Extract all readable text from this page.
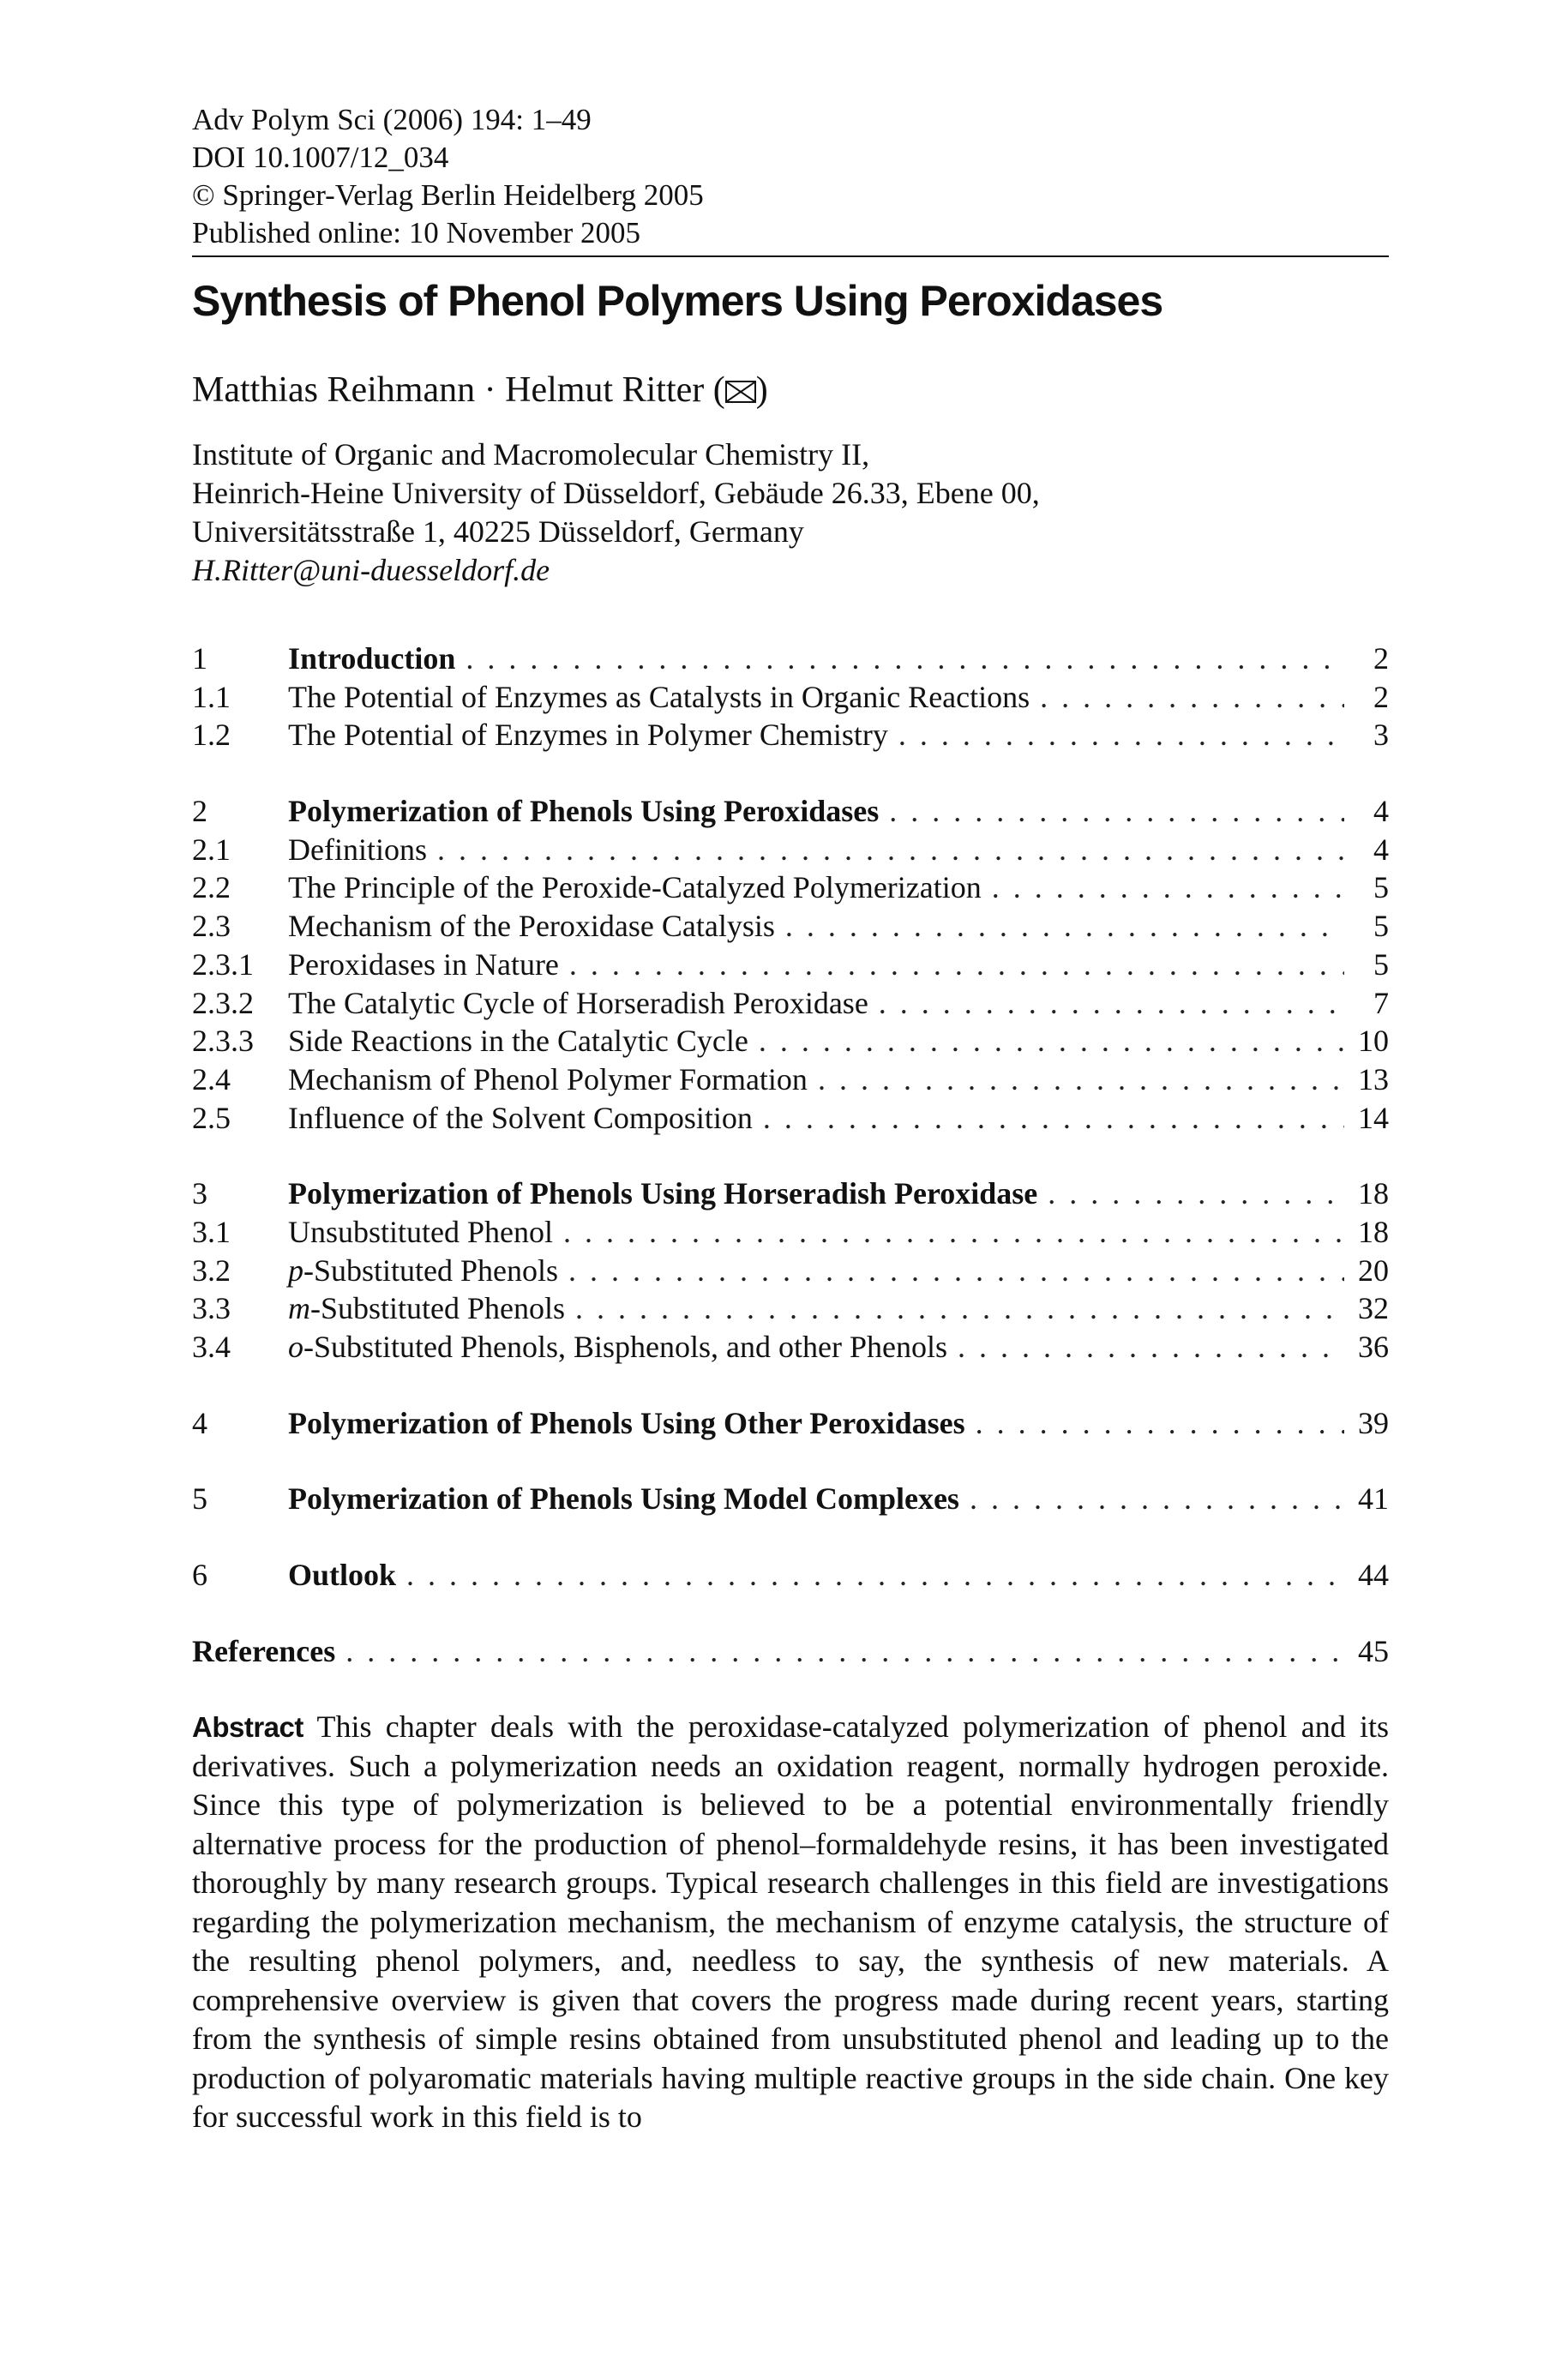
Adv Polym Sci (2006) 194: 1–49
DOI 10.1007/12_034
© Springer-Verlag Berlin Heidelberg 2005
Published online: 10 November 2005
Synthesis of Phenol Polymers Using Peroxidases
Matthias Reihmann · Helmut Ritter ( )
Institute of Organic and Macromolecular Chemistry II,
Heinrich-Heine University of Düsseldorf, Gebäude 26.33, Ebene 00,
Universitätsstraße 1, 40225 Düsseldorf, Germany
H.Ritter@uni-duesseldorf.de
1	Introduction . . .	2
1.1	The Potential of Enzymes as Catalysts in Organic Reactions . . .	2
1.2	The Potential of Enzymes in Polymer Chemistry . . .	3
2	Polymerization of Phenols Using Peroxidases . . .	4
2.1	Definitions . . .	4
2.2	The Principle of the Peroxide-Catalyzed Polymerization . . .	5
2.3	Mechanism of the Peroxidase Catalysis . . .	5
2.3.1	Peroxidases in Nature . . .	5
2.3.2	The Catalytic Cycle of Horseradish Peroxidase . . .	7
2.3.3	Side Reactions in the Catalytic Cycle . . .	10
2.4	Mechanism of Phenol Polymer Formation . . .	13
2.5	Influence of the Solvent Composition . . .	14
3	Polymerization of Phenols Using Horseradish Peroxidase . . .	18
3.1	Unsubstituted Phenol . . .	18
3.2	p-Substituted Phenols . . .	20
3.3	m-Substituted Phenols . . .	32
3.4	o-Substituted Phenols, Bisphenols, and other Phenols . . .	36
4	Polymerization of Phenols Using Other Peroxidases . . .	39
5	Polymerization of Phenols Using Model Complexes . . .	41
6	Outlook . . .	44
References . . .	45
Abstract This chapter deals with the peroxidase-catalyzed polymerization of phenol and its derivatives. Such a polymerization needs an oxidation reagent, normally hydrogen peroxide. Since this type of polymerization is believed to be a potential environmentally friendly alternative process for the production of phenol–formaldehyde resins, it has been investigated thoroughly by many research groups. Typical research challenges in this field are investigations regarding the polymerization mechanism, the mechanism of enzyme catalysis, the structure of the resulting phenol polymers, and, needless to say, the synthesis of new materials. A comprehensive overview is given that covers the progress made during recent years, starting from the synthesis of simple resins obtained from unsubstituted phenol and leading up to the production of polyaromatic materials having multiple reactive groups in the side chain. One key for successful work in this field is to
